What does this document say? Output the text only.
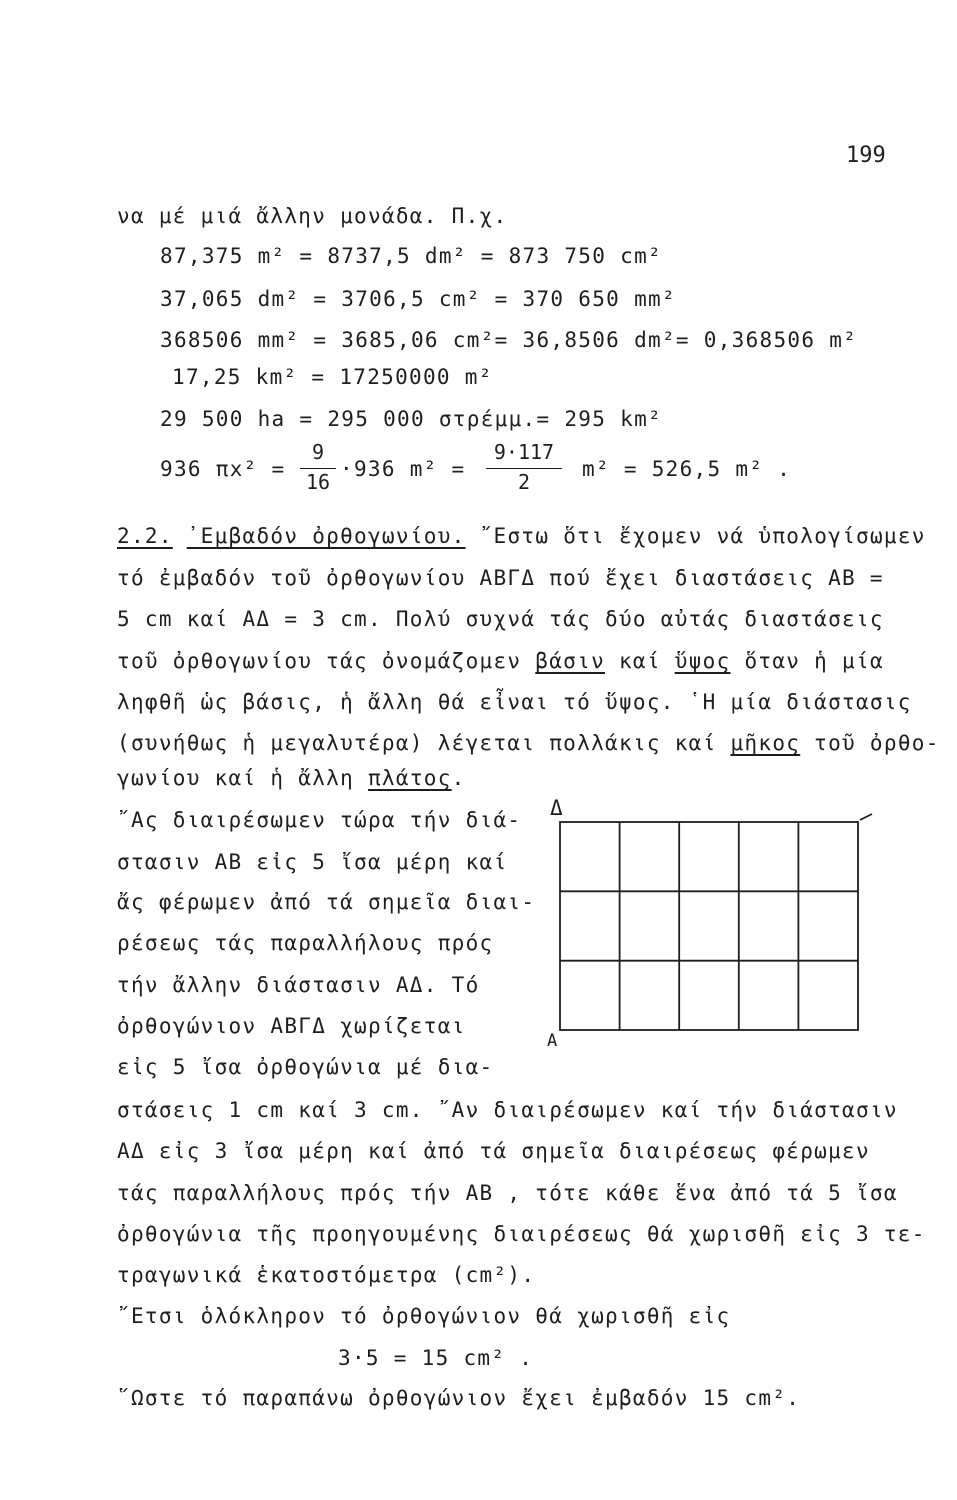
199
να μέ μιά ἄλλην μονάδα. Π.χ.
87,375 m² = 8737,5 dm² = 873 750 cm²
37,065 dm² = 3706,5 cm² = 370 650 mm²
368506 mm² = 3685,06 cm²= 36,8506 dm²= 0,368506 m²
17,25 km² = 17250000 m²
29 500 ha = 295 000 στρέμμ.= 295 km²
936 πх² =
9
16
·936 m² =
9·117
2
m² = 526,5 m² .
2.2. ᾿Εμβαδόν ὀρθογωνίου. ῎Εστω ὅτι ἔχομεν νά ὑπολογίσωμεν
τό ἐμβαδόν τοῦ ὀρθογωνίου ΑΒΓΔ πού ἔχει διαστάσεις ΑΒ =
5 cm καί ΑΔ = 3 cm. Πολύ συχνά τάς δύο αὐτάς διαστάσεις
τοῦ ὀρθογωνίου τάς ὀνομάζομεν βάσιν καί ὕψος ὅταν ἡ μία
ληφθῆ ὡς βάσις, ἡ ἄλλη θά εἶναι τό ὕψος. ῾Η μία διάστασις
(συνήθως ἡ μεγαλυτέρα) λέγεται πολλάκις καί μῆκος τοῦ ὀρθο-
γωνίου καί ἡ ἄλλη πλάτος.
῎Ας διαιρέσωμεν τώρα τήν διά-
στασιν ΑΒ εἰς 5 ἴσα μέρη καί
ἄς φέρωμεν ἀπό τά σημεῖα διαι-
ρέσεως τάς παραλλήλους πρός
τήν ἄλλην διάστασιν ΑΔ. Τό
ὀρθογώνιον ΑΒΓΔ χωρίζεται
εἰς 5 ἴσα ὀρθογώνια μέ δια-
Δ
Α
στάσεις 1 cm καί 3 cm. ῎Αν διαιρέσωμεν καί τήν διάστασιν
ΑΔ εἰς 3 ἴσα μέρη καί ἀπό τά σημεῖα διαιρέσεως φέρωμεν
τάς παραλλήλους πρός τήν ΑΒ , τότε κάθε ἕνα ἀπό τά 5 ἴσα
ὀρθογώνια τῆς προηγουμένης διαιρέσεως θά χωρισθῆ εἰς 3 τε-
τραγωνικά ἑκατοστόμετρα (cm²).
῎Ετσι ὁλόκληρον τό ὀρθογώνιον θά χωρισθῆ εἰς
3·5 = 15 cm² .
῞Ωστε τό παραπάνω ὀρθογώνιον ἔχει ἐμβαδόν 15 cm².
